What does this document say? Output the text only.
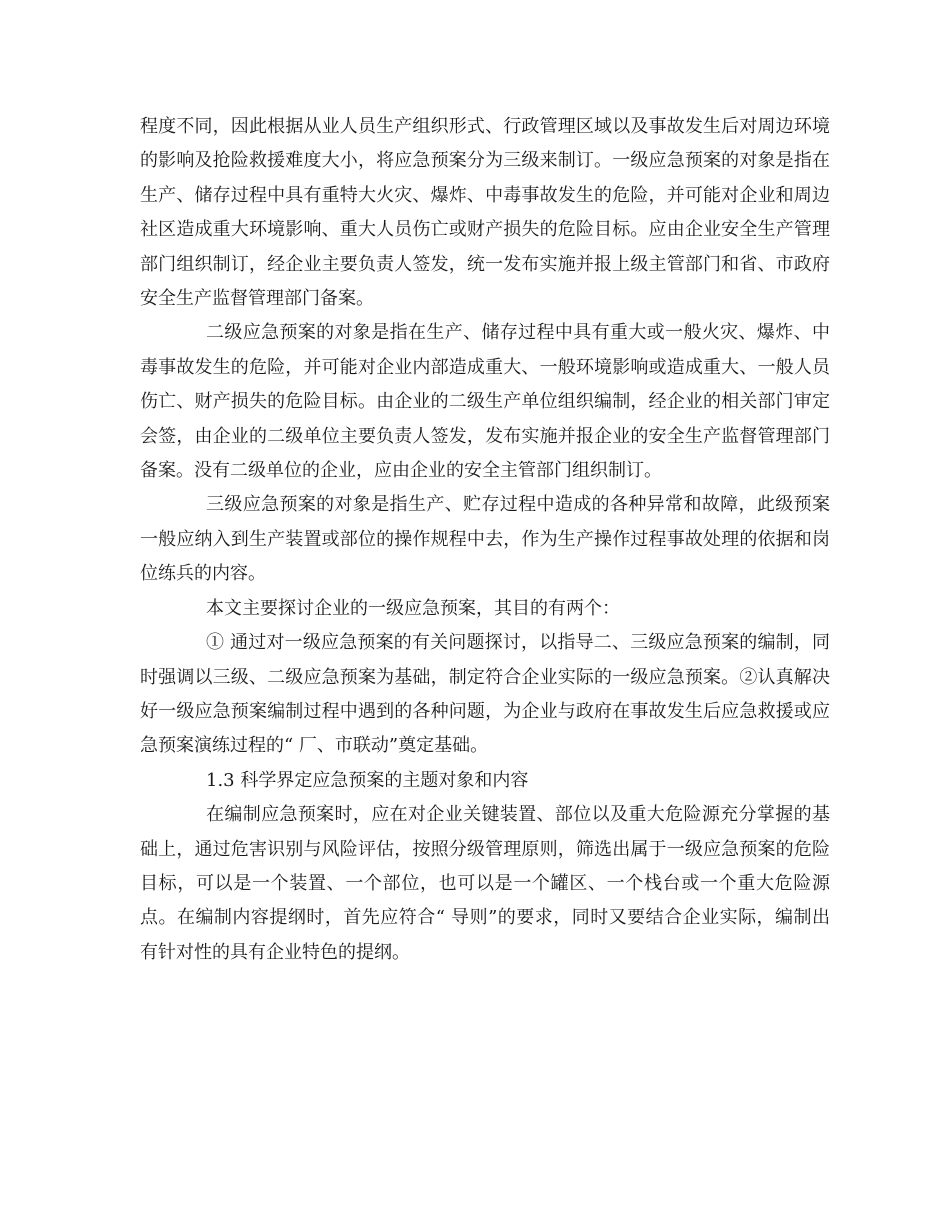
程度不同，因此根据从业人员生产组织形式、行政管理区域以及事故发生后对周边环境的影响及抢险救援难度大小，将应急预案分为三级来制订。一级应急预案的对象是指在生产、储存过程中具有重特大火灾、爆炸、中毒事故发生的危险，并可能对企业和周边社区造成重大环境影响、重大人员伤亡或财产损失的危险目标。应由企业安全生产管理部门组织制订，经企业主要负责人签发，统一发布实施并报上级主管部门和省、市政府安全生产监督管理部门备案。

二级应急预案的对象是指在生产、储存过程中具有重大或一般火灾、爆炸、中毒事故发生的危险，并可能对企业内部造成重大、一般环境影响或造成重大、一般人员伤亡、财产损失的危险目标。由企业的二级生产单位组织编制，经企业的相关部门审定会签，由企业的二级单位主要负责人签发，发布实施并报企业的安全生产监督管理部门备案。没有二级单位的企业，应由企业的安全主管部门组织制订。

三级应急预案的对象是指生产、贮存过程中造成的各种异常和故障，此级预案一般应纳入到生产装置或部位的操作规程中去，作为生产操作过程事故处理的依据和岗位练兵的内容。

本文主要探讨企业的一级应急预案，其目的有两个：

① 通过对一级应急预案的有关问题探讨，以指导二、三级应急预案的编制，同时强调以三级、二级应急预案为基础，制定符合企业实际的一级应急预案。②认真解决好一级应急预案编制过程中遇到的各种问题，为企业与政府在事故发生后应急救援或应急预案演练过程的“ 厂、市联动”奠定基础。

1.3 科学界定应急预案的主题对象和内容

在编制应急预案时，应在对企业关键装置、部位以及重大危险源充分掌握的基础上，通过危害识别与风险评估，按照分级管理原则，筛选出属于一级应急预案的危险目标，可以是一个装置、一个部位，也可以是一个罐区、一个栈台或一个重大危险源点。在编制内容提纲时，首先应符合“ 导则”的要求，同时又要结合企业实际，编制出有针对性的具有企业特色的提纲。
